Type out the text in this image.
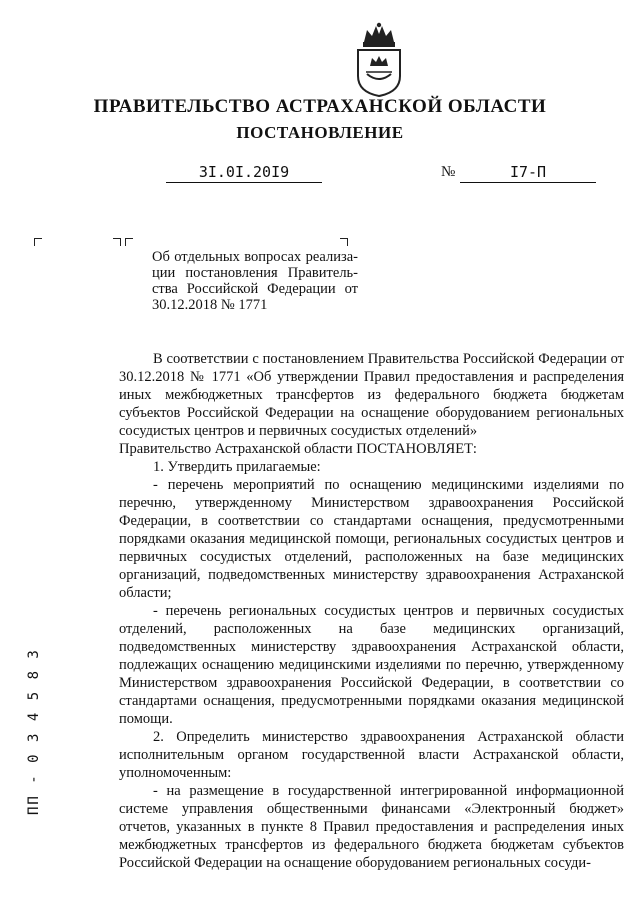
ПРАВИТЕЛЬСТВО АСТРАХАНСКОЙ ОБЛАСТИ
ПОСТАНОВЛЕНИЕ
3I.0I.20I9	№	I7-П
Об отдельных вопросах реализа-
ции постановления Правитель-
ства Российской Федерации от
30.12.2018 № 1771

В соответствии с постановлением Правительства Российской Федерации от 30.12.2018 № 1771 «Об утверждении Правил предоставления и распределения иных межбюджетных трансфертов из федерального бюджета бюджетам субъектов Российской Федерации на оснащение оборудованием региональных сосудистых центров и первичных сосудистых отделений»

Правительство Астраханской области ПОСТАНОВЛЯЕТ:

1. Утвердить прилагаемые:

- перечень мероприятий по оснащению медицинскими изделиями по перечню, утвержденному Министерством здравоохранения Российской Федерации, в соответствии со стандартами оснащения, предусмотренными порядками оказания медицинской помощи, региональных сосудистых центров и первичных сосудистых отделений, расположенных на базе медицинских организаций, подведомственных министерству здравоохранения Астраханской области;

- перечень региональных сосудистых центров и первичных сосудистых отделений, расположенных на базе медицинских организаций, подведомственных министерству здравоохранения Астраханской области, подлежащих оснащению медицинскими изделиями по перечню, утвержденному Министерством здравоохранения Российской Федерации, в соответствии со стандартами оснащения, предусмотренными порядками оказания медицинской помощи.

2. Определить министерство здравоохранения Астраханской области исполнительным органом государственной власти Астраханской области, уполномоченным:

- на размещение в государственной интегрированной информационной системе управления общественными финансами «Электронный бюджет» отчетов, указанных в пункте 8 Правил предоставления и распределения иных межбюджетных трансфертов из федерального бюджета бюджетам субъектов Российской Федерации на оснащение оборудованием региональных сосуди-

ПП - 0 3 4 5 8 3
